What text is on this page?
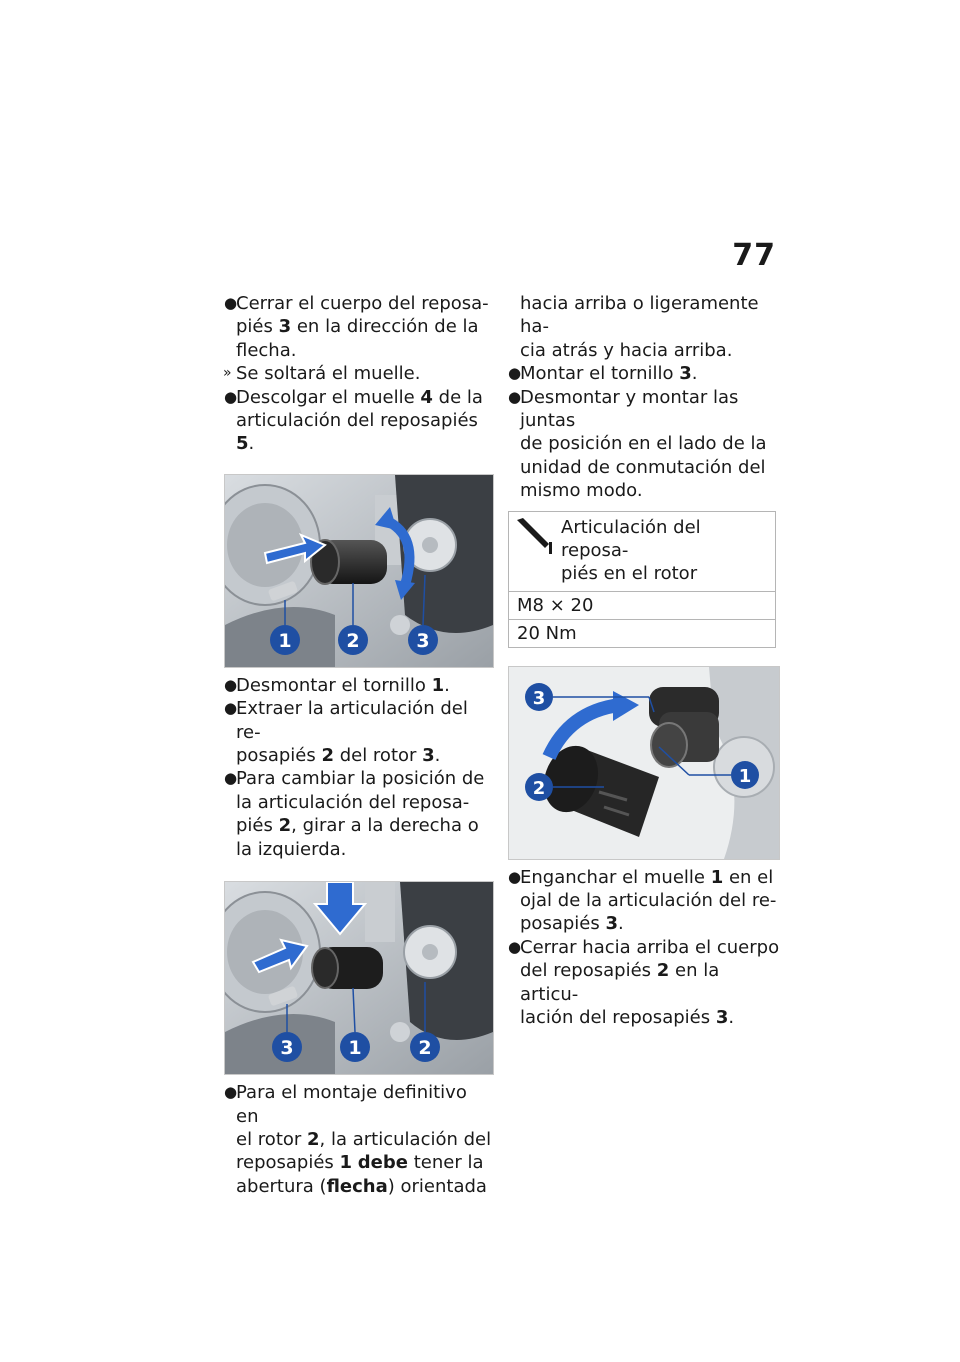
77

●
Cerrar el cuerpo del reposa-
piés 3 en la dirección de la
flecha.

» Se soltará el muelle.

●
Descolgar el muelle 4 de la
articulación del reposapiés 5.

1	2	3

●
Desmontar el tornillo 1.

●
Extraer la articulación del re-
posapiés 2 del rotor 3.

●
Para cambiar la posición de
la articulación del reposa-
piés 2, girar a la derecha o
la izquierda.

3	1	2

●
Para el montaje definitivo en
el rotor 2, la articulación del
reposapiés 1 debe tener la
abertura (flecha) orientada

hacia arriba o ligeramente ha-
cia atrás y hacia arriba.

●
Montar el tornillo 3.

●
Desmontar y montar las juntas
de posición en el lado de la
unidad de conmutación del
mismo modo.

Articulación del reposa-
piés en el rotor

M8 × 20
20 Nm
3
2
1

●
Enganchar el muelle 1 en el
ojal de la articulación del re-
posapiés 3.

●
Cerrar hacia arriba el cuerpo
del reposapiés 2 en la articu-
lación del reposapiés 3.
